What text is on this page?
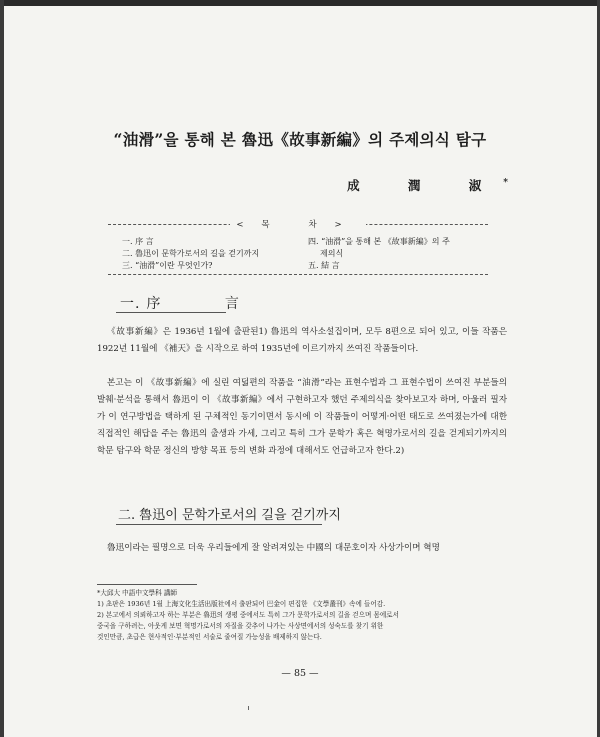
“油滑”을 통해 본 魯迅《故事新編》의 주제의식 탐구
成 潤 淑*
<목 차>
一. 序 言
二. 魯迅이 문학가로서의 길을 걷기까지
三. “油滑”이란 무엇인가?
四. “油滑”을 통해 본 《故事新編》의 주
제의식
五. 結 言
一. 序 言
《故事新編》은 1936년 1월에 출판된1) 魯迅의 역사소설집이며, 모두 8편으로 되어 있고, 이들 작품은 1922년 11월에 《補天》을 시작으로 하여 1935년에 이르기까지 쓰여진 작품들이다.
본고는 이 《故事新編》에 실린 여덟편의 작품을 “油滑”라는 표현수법과 그 표현수법이 쓰여진 부분들의 발췌·분석을 통해서 魯迅이 이 《故事新編》에서 구현하고자 했던 주제의식을 찾아보고자 하며, 아울러 필자가 이 연구방법을 택하게 된 구체적인 동기이면서 동시에 이 작품들이 어떻게·어떤 태도로 쓰여졌는가에 대한 직접적인 해답을 주는 魯迅의 출생과 가세, 그리고 특히 그가 문학가 혹은 혁명가로서의 길을 걷게되기까지의 학문 탐구와 학문 정신의 방향 목표 등의 변화 과정에 대해서도 언급하고자 한다.2)
二. 魯迅이 문학가로서의 길을 걷기까지
魯迅이라는 필명으로 더욱 우리들에게 잘 알려져있는 中國의 대문호이자 사상가이며 혁명
*大邱大 中語中文學科 講師
1) 초판은 1936년 1월 上海文化生活出版社에서 출판되어 巴金이 편집한 《文學叢刊》속에 들어감.
2) 본고에서 의뢰하고자 하는 부분은 魯迅의 생평 중에서도 특히 그가 문학가로서의 길을 걷으며 몸에로서
중국을 구하려는, 아웃게 보면 혁명가로서의 자질을 갖추어 나가는 사상면에서의 성숙도를 찾기 위한
것인만큼, 초급은 현사적인·부분적인 서술로 줄여질 가능성을 배제하지 않는다.
— 85 —
